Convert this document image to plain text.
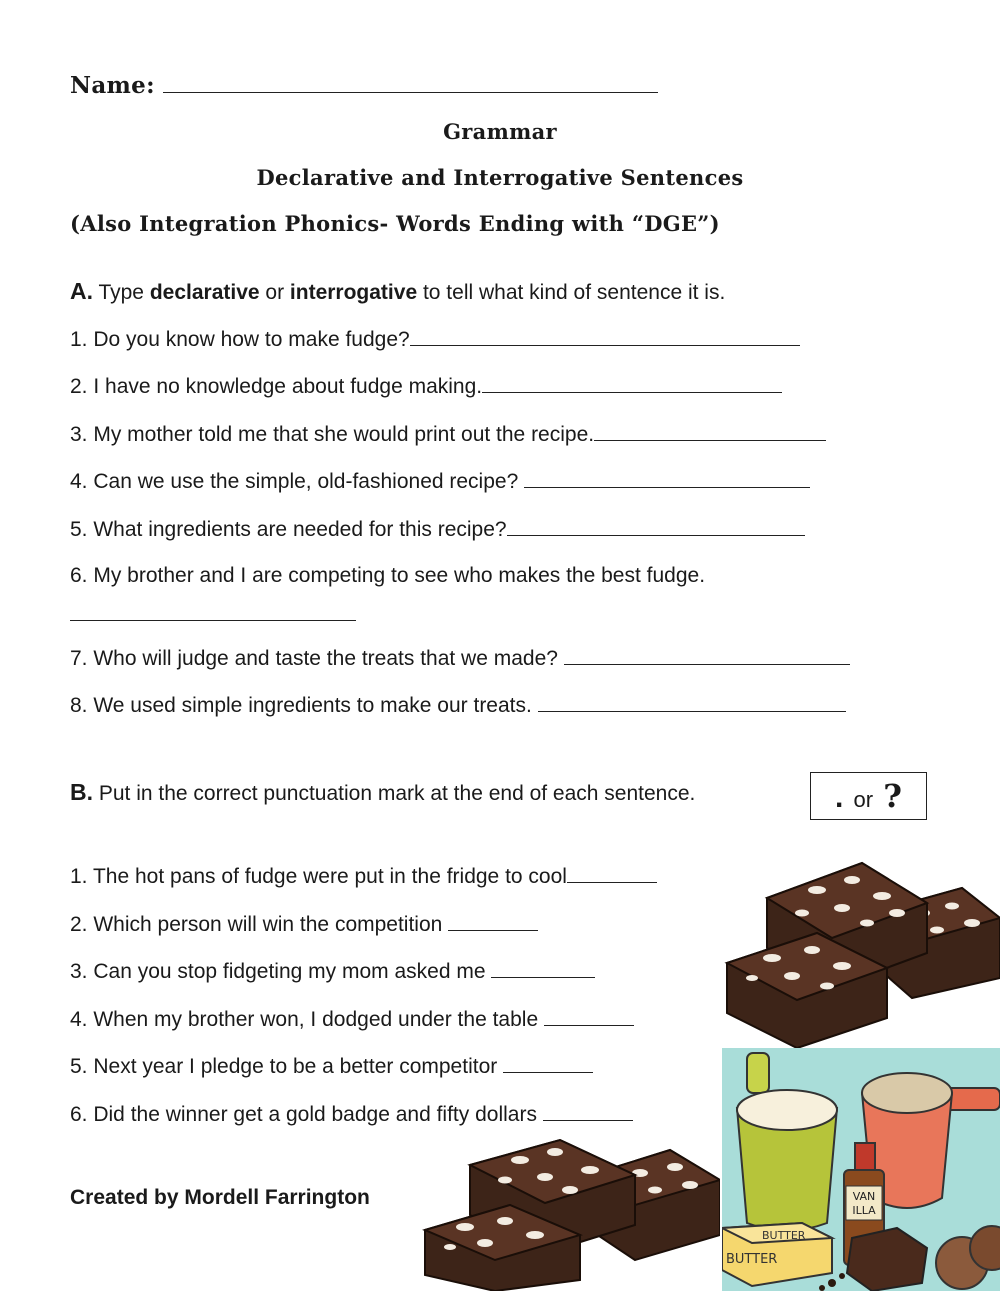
Name:
Grammar
Declarative and Interrogative Sentences
(Also Integration Phonics- Words Ending with “DGE”)
A. Type declarative or interrogative to tell what kind of sentence it is.
1. Do you know how to make fudge?
2. I have no knowledge about fudge making.
3. My mother told me that she would print out the recipe.
4. Can we use the simple, old-fashioned recipe?
5. What ingredients are needed for this recipe?
6. My brother and I are competing to see who makes the best fudge.
7. Who will judge and taste the treats that we made?
8. We used simple ingredients to make our treats.
B. Put in the correct punctuation mark at the end of each sentence.	. or ?
1. The hot pans of fudge were put in the fridge to cool
2. Which person will win the competition
3. Can you stop fidgeting my mom asked me
4. When my brother won, I dodged under the table
5. Next year I pledge to be a better competitor
6. Did the winner get a gold badge and fifty dollars
Created by Mordell Farrington	VAN
ILLA
BUTTER
BUTTER
